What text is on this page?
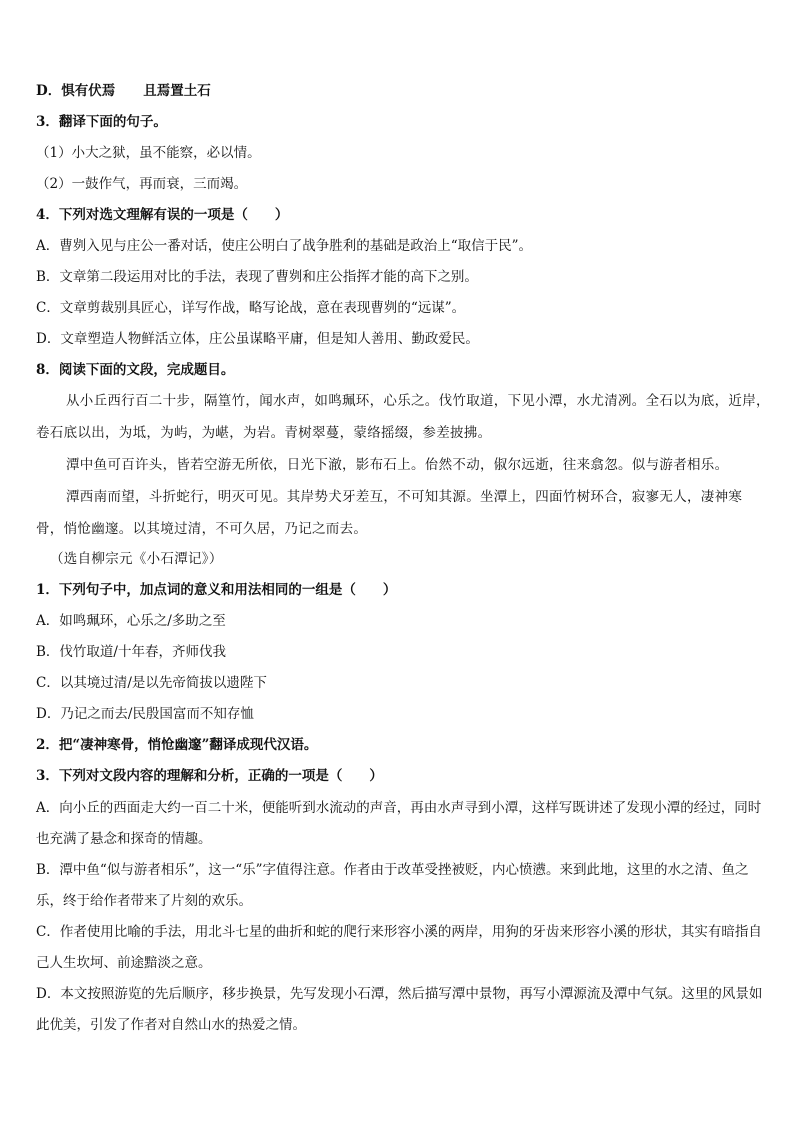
D．惧有伏焉 且焉置土石
3．翻译下面的句子。
（1）小大之狱，虽不能察，必以情。
（2）一鼓作气，再而衰，三而竭。
4．下列对选文理解有误的一项是（　　）
A．曹刿入见与庄公一番对话，使庄公明白了战争胜利的基础是政治上“取信于民”。
B．文章第二段运用对比的手法，表现了曹刿和庄公指挥才能的高下之别。
C．文章剪裁别具匠心，详写作战，略写论战，意在表现曹刿的“远谋”。
D．文章塑造人物鲜活立体，庄公虽谋略平庸，但是知人善用、勤政爱民。
8．阅读下面的文段，完成题目。
从小丘西行百二十步，隔篁竹，闻水声，如鸣珮环，心乐之。伐竹取道，下见小潭，水尤清冽。全石以为底，近岸，
卷石底以出，为坻，为屿，为嵁，为岩。青树翠蔓，蒙络摇缀，参差披拂。
潭中鱼可百许头，皆若空游无所依，日光下澈，影布石上。佁然不动，俶尔远逝，往来翕忽。似与游者相乐。
潭西南而望，斗折蛇行，明灭可见。其岸势犬牙差互，不可知其源。坐潭上，四面竹树环合，寂寥无人，凄神寒
骨，悄怆幽邃。以其境过清，不可久居，乃记之而去。
（选自柳宗元《小石潭记》）
1．下列句子中，加点词的意义和用法相同的一组是（　　）
A．如鸣珮环，心乐之/多助之至
B．伐竹取道/十年春，齐师伐我
C．以其境过清/是以先帝简拔以遗陛下
D．乃记之而去/民殷国富而不知存恤
2．把“凄神寒骨，悄怆幽邃”翻译成现代汉语。
3．下列对文段内容的理解和分析，正确的一项是（　　）
A．向小丘的西面走大约一百二十米，便能听到水流动的声音，再由水声寻到小潭，这样写既讲述了发现小潭的经过，同时也充满了悬念和探奇的情趣。
B．潭中鱼“似与游者相乐”，这一“乐”字值得注意。作者由于改革受挫被贬，内心愤懑。来到此地，这里的水之清、鱼之乐，终于给作者带来了片刻的欢乐。
C．作者使用比喻的手法，用北斗七星的曲折和蛇的爬行来形容小溪的两岸，用狗的牙齿来形容小溪的形状，其实有暗指自己人生坎坷、前途黯淡之意。
D．本文按照游览的先后顺序，移步换景，先写发现小石潭，然后描写潭中景物，再写小潭源流及潭中气氛。这里的风景如此优美，引发了作者对自然山水的热爱之情。
